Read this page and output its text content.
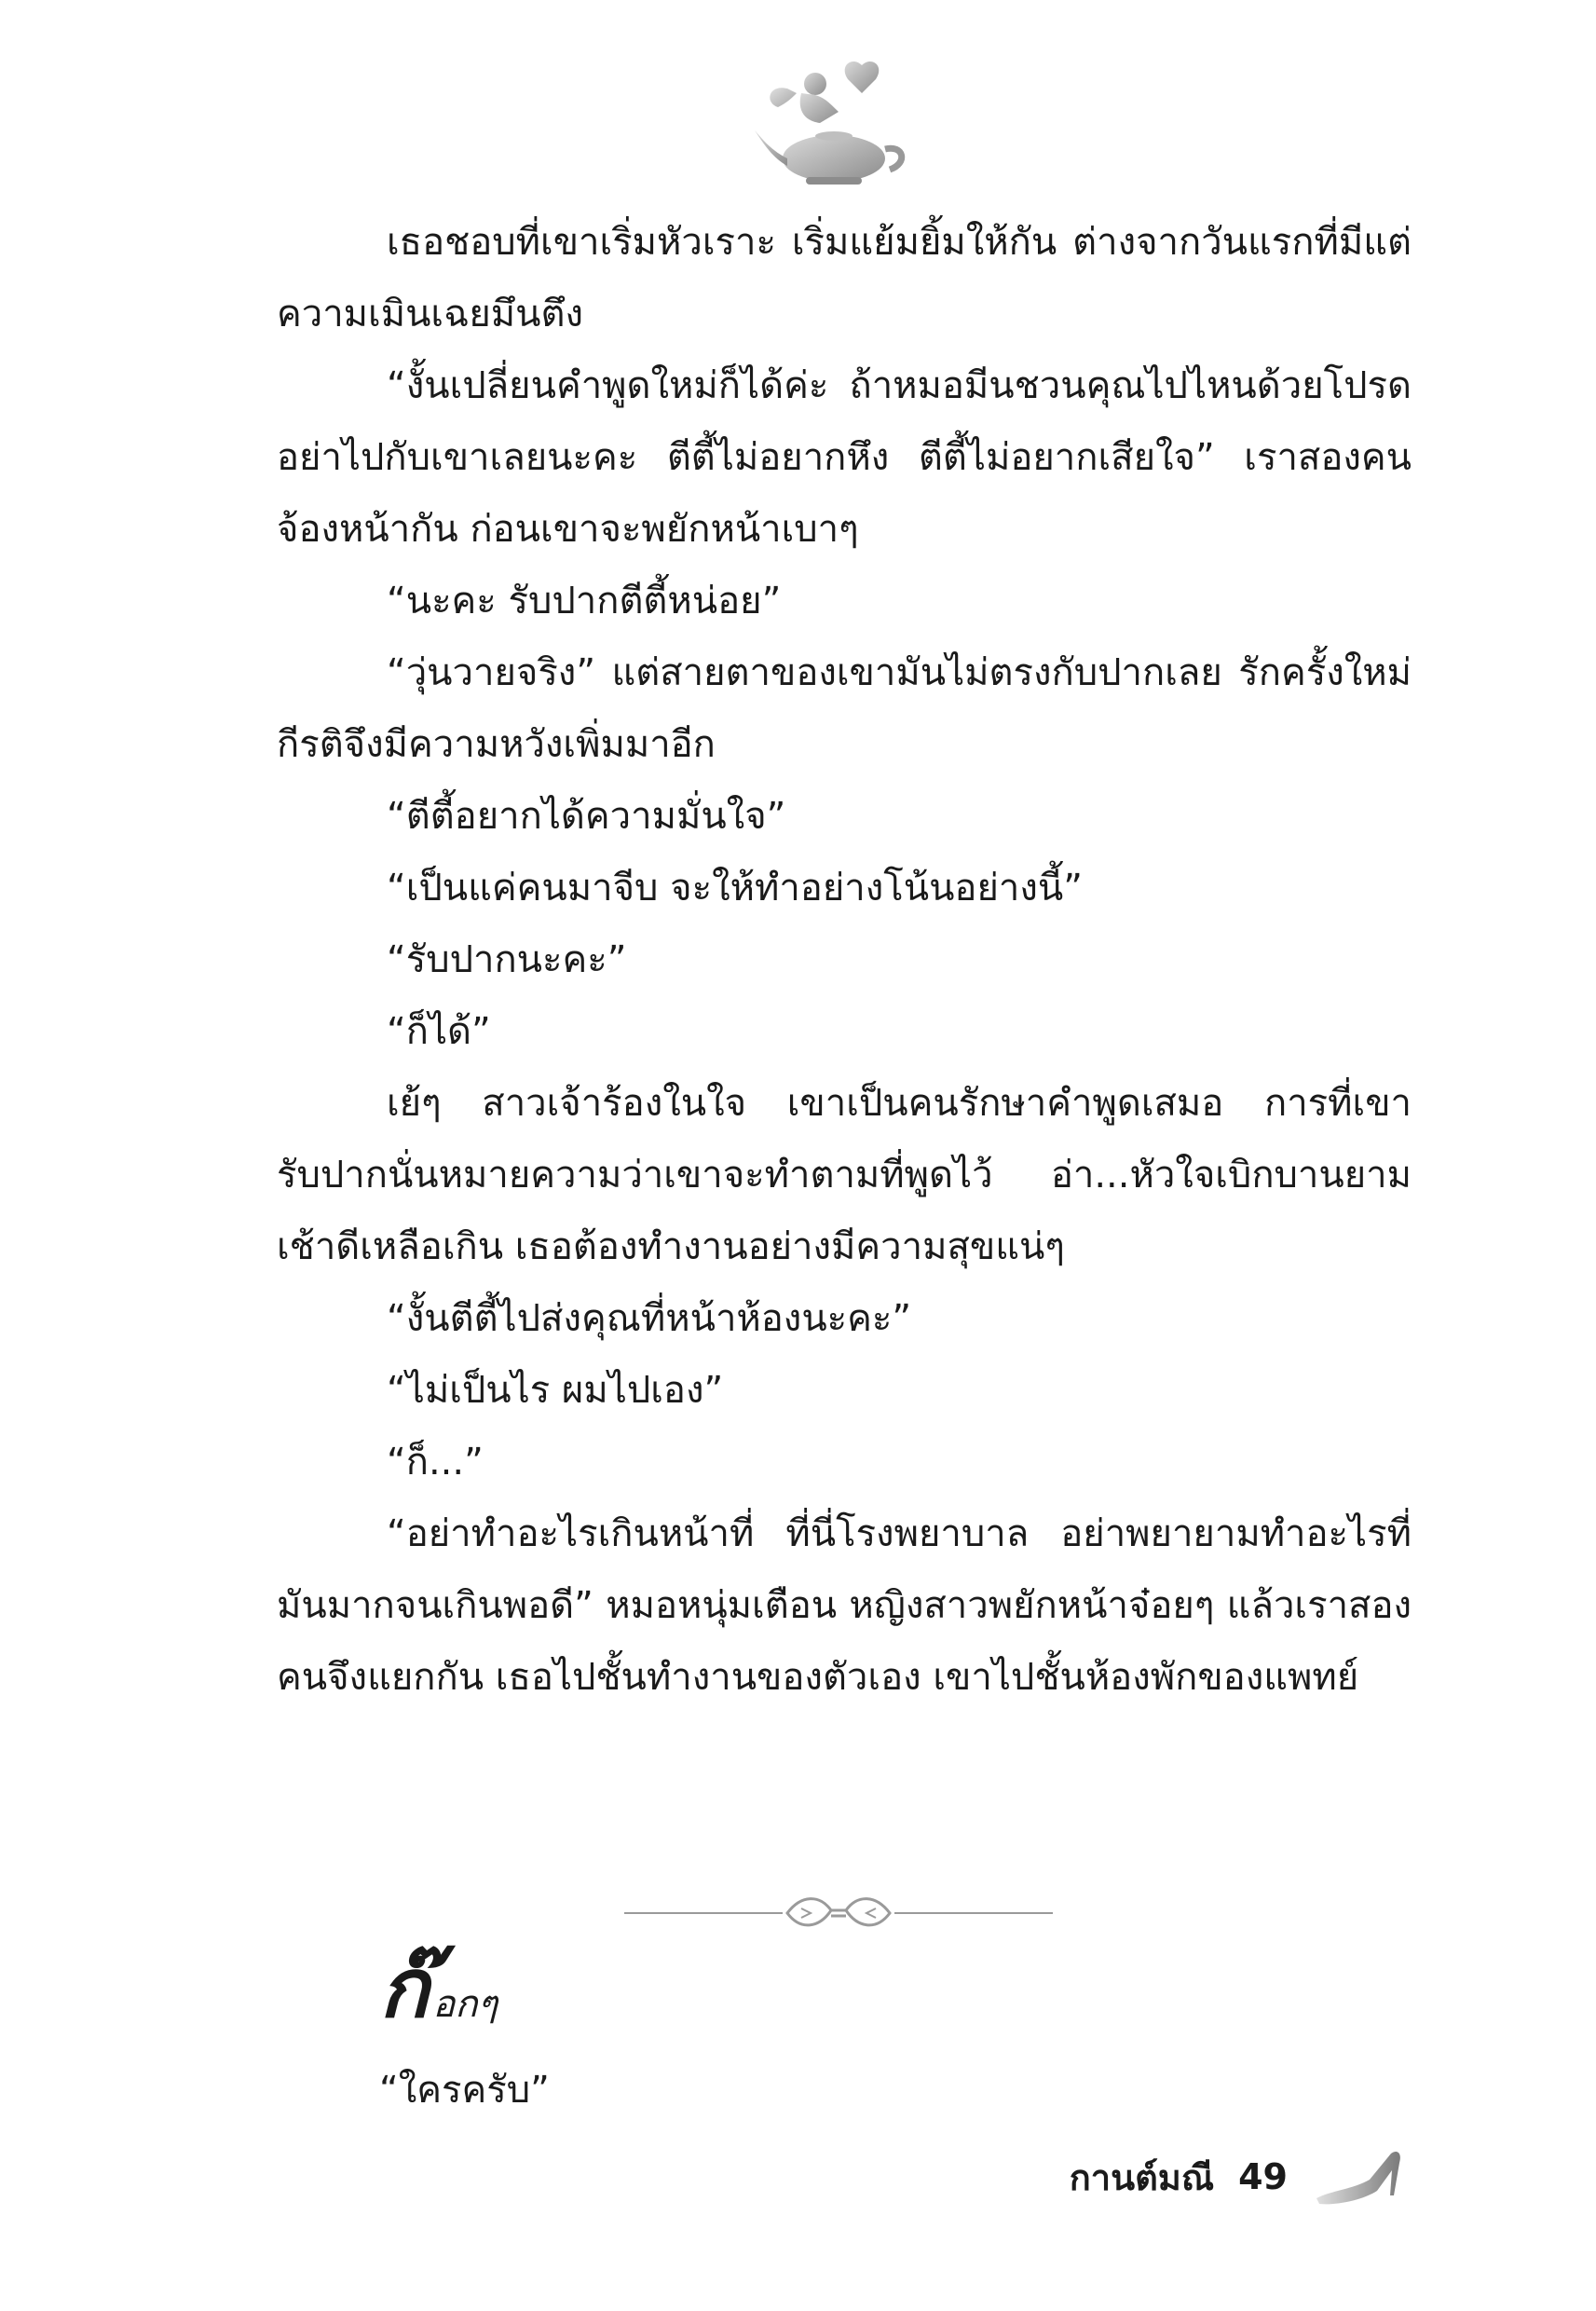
เธอชอบที่เขาเริ่มหัวเราะ เริ่มแย้มยิ้มให้กัน ต่างจากวันแรกที่มีแต่ความเมินเฉยมึนตึง
“งั้นเปลี่ยนคำพูดใหม่ก็ได้ค่ะ ถ้าหมอมีนชวนคุณไปไหนด้วยโปรดอย่าไปกับเขาเลยนะคะ ตีตี้ไม่อยากหึง ตีตี้ไม่อยากเสียใจ” เราสองคนจ้องหน้ากัน ก่อนเขาจะพยักหน้าเบาๆ
“นะคะ รับปากตีตี้หน่อย”
“วุ่นวายจริง” แต่สายตาของเขามันไม่ตรงกับปากเลย รักครั้งใหม่กีรติจึงมีความหวังเพิ่มมาอีก
“ตีตี้อยากได้ความมั่นใจ”
“เป็นแค่คนมาจีบ จะให้ทำอย่างโน้นอย่างนี้”
“รับปากนะคะ”
“ก็ได้”
เย้ๆ สาวเจ้าร้องในใจ เขาเป็นคนรักษาคำพูดเสมอ การที่เขารับปากนั่นหมายความว่าเขาจะทำตามที่พูดไว้ อ่า...หัวใจเบิกบานยามเช้าดีเหลือเกิน เธอต้องทำงานอย่างมีความสุขแน่ๆ
“งั้นตีตี้ไปส่งคุณที่หน้าห้องนะคะ”
“ไม่เป็นไร ผมไปเอง”
“ก็...”
“อย่าทำอะไรเกินหน้าที่ ที่นี่โรงพยาบาล อย่าพยายามทำอะไรที่มันมากจนเกินพอดี” หมอหนุ่มเตือน หญิงสาวพยักหน้าจ๋อยๆ แล้วเราสองคนจึงแยกกัน เธอไปชั้นทำงานของตัวเอง เขาไปชั้นห้องพักของแพทย์
ก๊ อกๆ
“ใครครับ”
กานต์มณี 49
